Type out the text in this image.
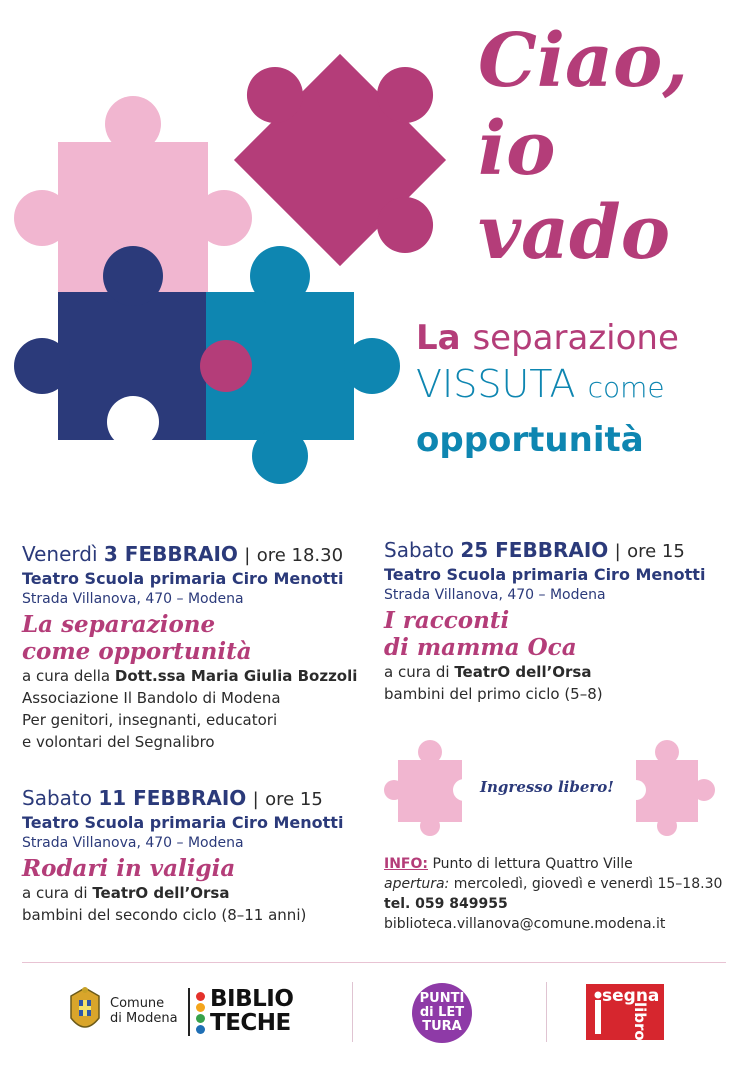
Ciao,
io
vado
La separazione
VISSUTA come
opportunità
Venerdì 3 FEBBRAIO | ore 18.30
Teatro Scuola primaria Ciro Menotti
Strada Villanova, 470 – Modena
La separazione
come opportunità
a cura della Dott.ssa Maria Giulia Bozzoli
Associazione Il Bandolo di Modena
Per genitori, insegnanti, educatori
e volontari del Segnalibro
Sabato 25 FEBBRAIO | ore 15
Teatro Scuola primaria Ciro Menotti
Strada Villanova, 470 – Modena
I racconti
di mamma Oca
a cura di TeatrO dell’Orsa
bambini del primo ciclo (5–8)
Sabato 11 FEBBRAIO | ore 15
Teatro Scuola primaria Ciro Menotti
Strada Villanova, 470 – Modena
Rodari in valigia
a cura di TeatrO dell’Orsa
bambini del secondo ciclo (8–11 anni)
Ingresso libero!
INFO: Punto di lettura Quattro Ville
apertura: mercoledì, giovedì e venerdì 15–18.30
tel. 059 849955
biblioteca.villanova@comune.modena.it
Comune
di Modena
BIBLIO
TECHE
PUNTI
di LET
TURA
segna
libro
